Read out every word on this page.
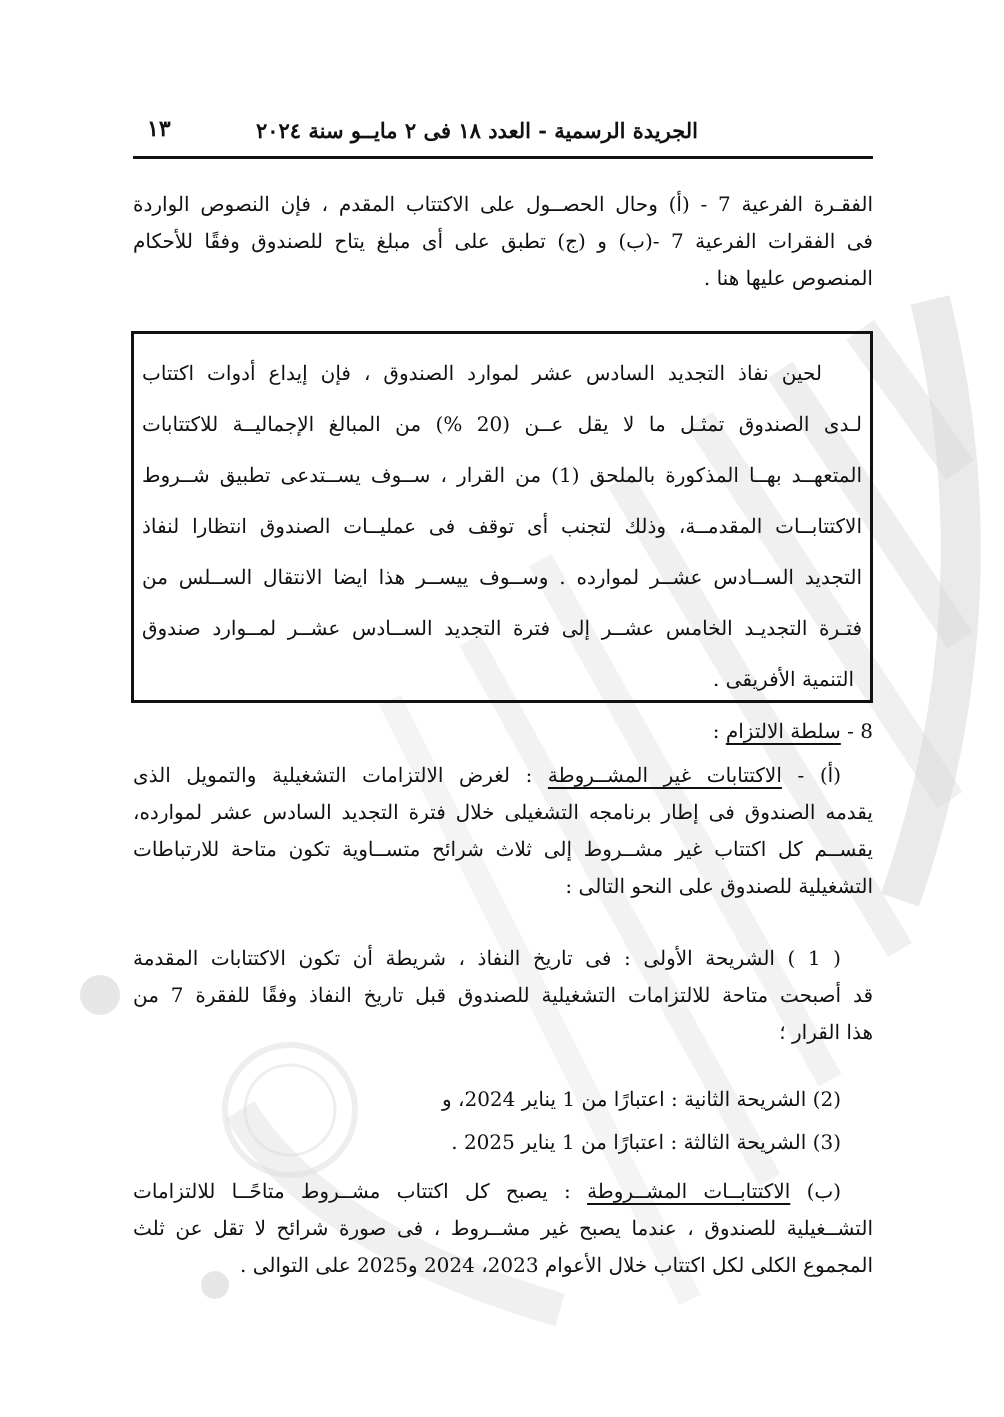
الجريدة الرسمية - العدد ١٨ فى ٢ مايــو سنة ٢٠٢٤
١٣
الفقـرة الفرعية 7 - (أ) وحال الحصــول على الاكتتاب المقدم ، فإن النصوص الواردة
فى الفقرات الفرعية 7 -(ب) و (ج) تطبق على أى مبلغ يتاح للصندوق وفقًا للأحكام
المنصوص عليها هنا .
لحين نفاذ التجديد السادس عشر لموارد الصندوق ، فإن إيداع أدوات اكتتاب
لـدى الصندوق تمثـل ما لا يقل عــن (20 %) من المبالغ الإجماليــة للاكتتابات
المتعهــد بهــا المذكورة بالملحق (1) من القرار ، ســوف يســتدعى تطبيق شــروط
الاكتتابــات المقدمــة، وذلك لتجنب أى توقف فى عمليــات الصندوق انتظارا لنفاذ
التجديد الســادس عشــر لموارده . وســوف ييســر هذا ايضا الانتقال الســلس من
فتـرة التجديـد الخامس عشــر إلى فترة التجديد الســادس عشــر لمــوارد صندوق
التنمية الأفريقى .
8 - سلطة الالتزام :
(أ) - الاكتتابات غير المشــروطة : لغرض الالتزامات التشغيلية والتمويل الذى
يقدمه الصندوق فى إطار برنامجه التشغيلى خلال فترة التجديد السادس عشر لموارده،
يقســم كل اكتتاب غير مشــروط إلى ثلاث شرائح متســاوية تكون متاحة للارتباطات
التشغيلية للصندوق على النحو التالى :
( 1 ) الشريحة الأولى : فى تاريخ النفاذ ، شريطة أن تكون الاكتتابات المقدمة
قد أصبحت متاحة للالتزامات التشغيلية للصندوق قبل تاريخ النفاذ وفقًا للفقرة 7 من
هذا القرار ؛
(2) الشريحة الثانية : اعتبارًا من 1 يناير 2024، و
(3) الشريحة الثالثة : اعتبارًا من 1 يناير 2025 .
(ب) الاكتتابــات المشــروطة : يصبح كل اكتتاب مشــروط متاحًــا للالتزامات
التشــغيلية للصندوق ، عندما يصبح غير مشــروط ، فى صورة شرائح لا تقل عن ثلث
المجموع الكلى لكل اكتتاب خلال الأعوام 2023، 2024 و2025 على التوالى .
